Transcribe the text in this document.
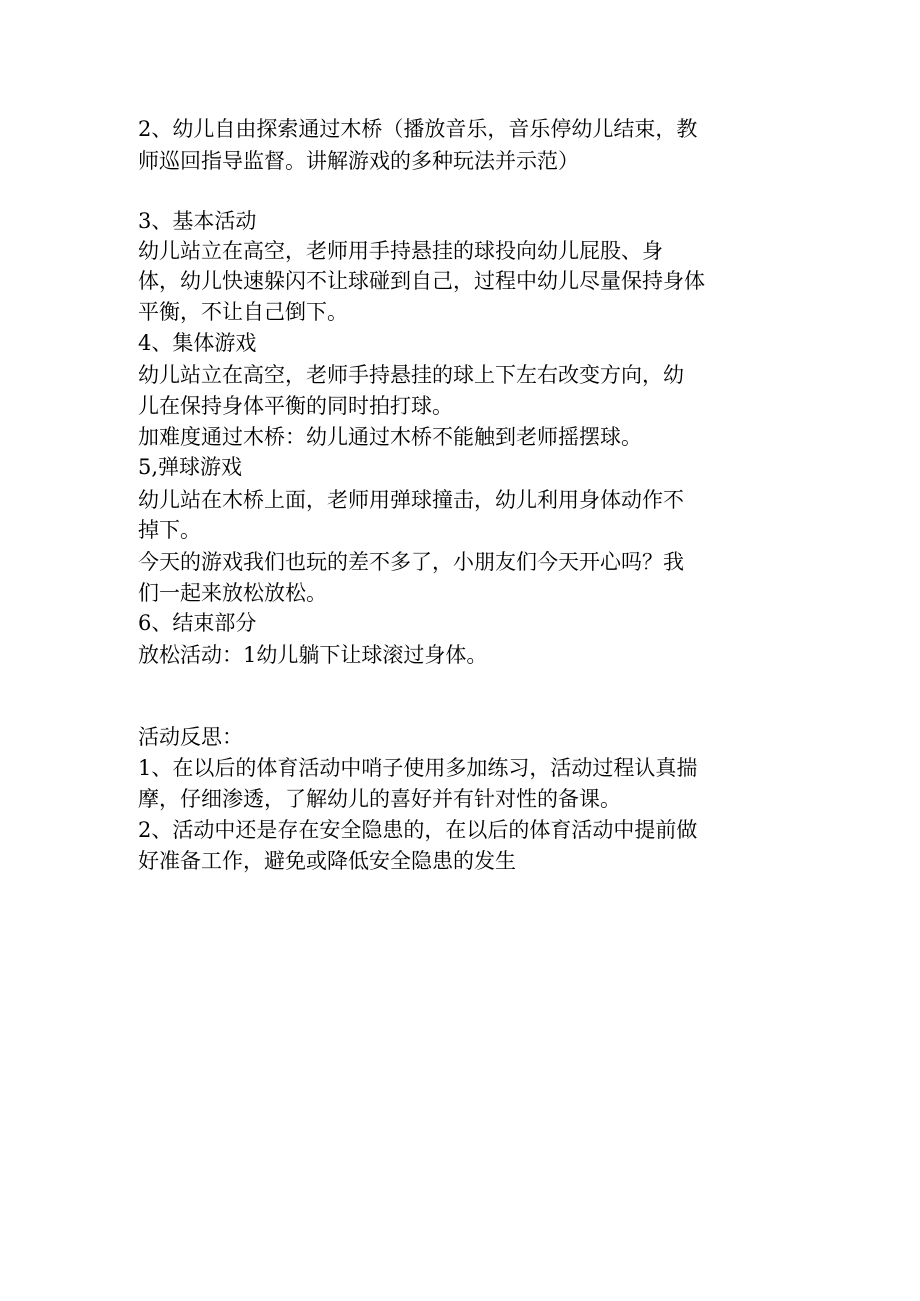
2、幼儿自由探索通过木桥（播放音乐，音乐停幼儿结束，教

师巡回指导监督。讲解游戏的多种玩法并示范）

3、基本活动

幼儿站立在高空，老师用手持悬挂的球投向幼儿屁股、身

体，幼儿快速躲闪不让球碰到自己，过程中幼儿尽量保持身体

平衡，不让自己倒下。

4、集体游戏

幼儿站立在高空，老师手持悬挂的球上下左右改变方向，幼

儿在保持身体平衡的同时拍打球。

加难度通过木桥：幼儿通过木桥不能触到老师摇摆球。

5,弹球游戏

幼儿站在木桥上面，老师用弹球撞击，幼儿利用身体动作不

掉下。

今天的游戏我们也玩的差不多了，小朋友们今天开心吗？我

们一起来放松放松。

6、结束部分

放松活动：1幼儿躺下让球滚过身体。

活动反思：

1、在以后的体育活动中哨子使用多加练习，活动过程认真揣

摩，仔细渗透，了解幼儿的喜好并有针对性的备课。

2、活动中还是存在安全隐患的，在以后的体育活动中提前做

好准备工作，避免或降低安全隐患的发生
